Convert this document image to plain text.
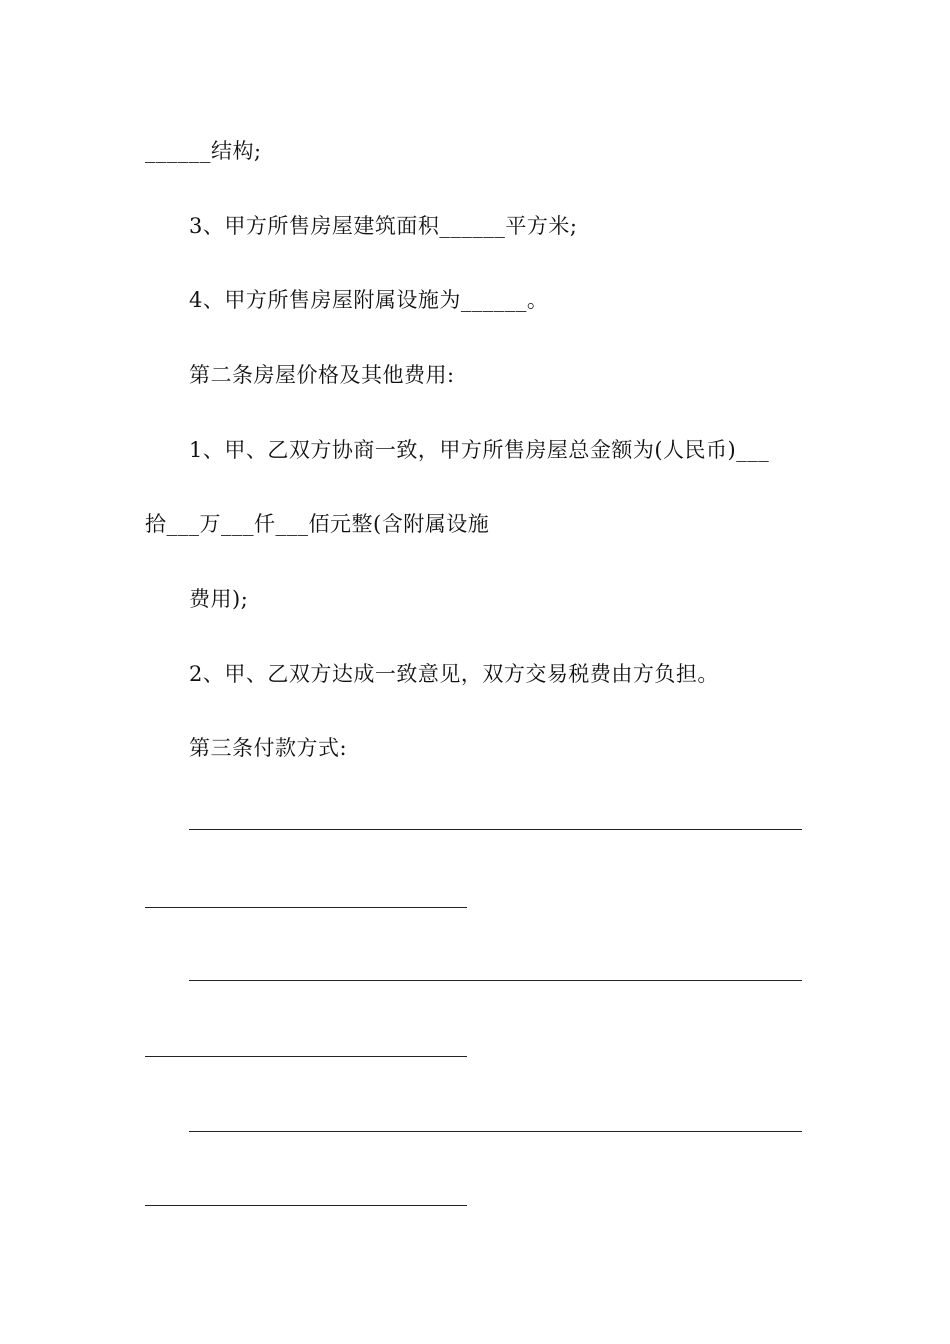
______结构;
3、甲方所售房屋建筑面积______平方米;
4、甲方所售房屋附属设施为______。
第二条房屋价格及其他费用:
1、甲、乙双方协商一致，甲方所售房屋总金额为(人民币)___
拾___万___仟___佰元整(含附属设施
费用);
2、甲、乙双方达成一致意见，双方交易税费由方负担。
第三条付款方式:
